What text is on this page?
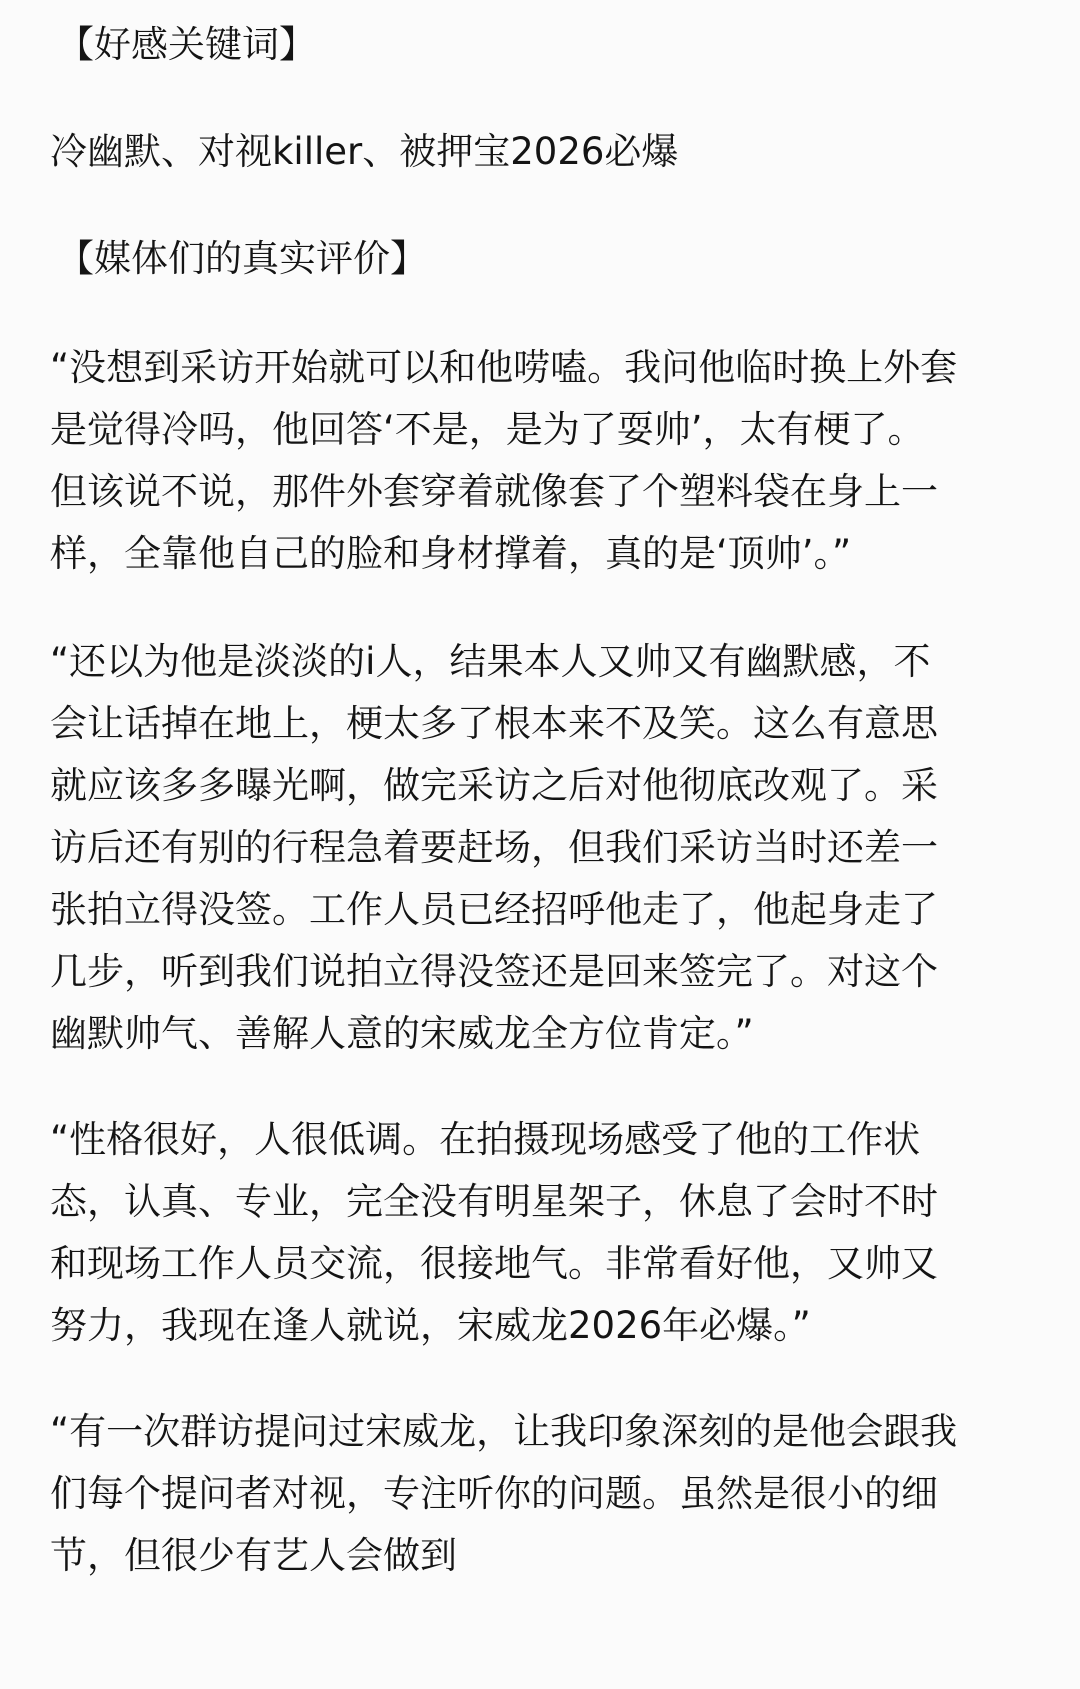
【好感关键词】
冷幽默、对视killer、被押宝2026必爆
【媒体们的真实评价】
“没想到采访开始就可以和他唠嗑。我问他临时换上外套
是觉得冷吗，他回答‘不是，是为了耍帅’，太有梗了。
但该说不说，那件外套穿着就像套了个塑料袋在身上一
样，全靠他自己的脸和身材撑着，真的是‘顶帅’。”
“还以为他是淡淡的i人，结果本人又帅又有幽默感，不
会让话掉在地上，梗太多了根本来不及笑。这么有意思
就应该多多曝光啊，做完采访之后对他彻底改观了。采
访后还有别的行程急着要赶场，但我们采访当时还差一
张拍立得没签。工作人员已经招呼他走了，他起身走了
几步，听到我们说拍立得没签还是回来签完了。对这个
幽默帅气、善解人意的宋威龙全方位肯定。”
“性格很好，人很低调。在拍摄现场感受了他的工作状
态，认真、专业，完全没有明星架子，休息了会时不时
和现场工作人员交流，很接地气。非常看好他，又帅又
努力，我现在逢人就说，宋威龙2026年必爆。”
“有一次群访提问过宋威龙，让我印象深刻的是他会跟我
们每个提问者对视，专注听你的问题。虽然是很小的细
节，但很少有艺人会做到
